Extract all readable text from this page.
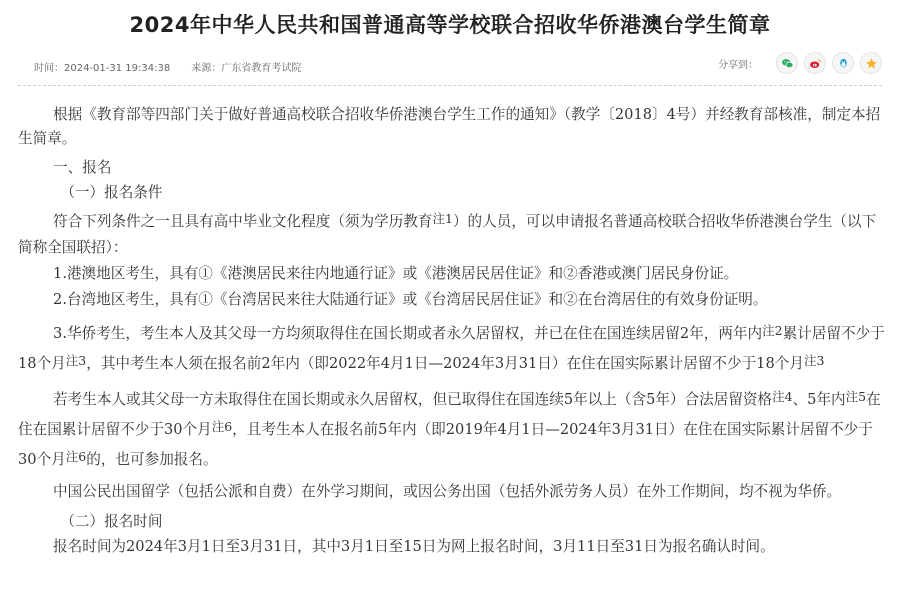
2024年中华人民共和国普通高等学校联合招收华侨港澳台学生简章
时间：2024-01-31 19:34:38 来源：广东省教育考试院	分享到：

根据《教育部等四部门关于做好普通高校联合招收华侨港澳台学生工作的通知》（教学〔2018〕4号）并经教育部核准，制定本招生简章。

一、报名

（一）报名条件

符合下列条件之一且具有高中毕业文化程度（须为学历教育$^{注1}$）的人员，可以申请报名普通高校联合招收华侨港澳台学生（以下简称全国联招）：

1.港澳地区考生，具有①《港澳居民来往内地通行证》或《港澳居民居住证》和②香港或澳门居民身份证。

2.台湾地区考生，具有①《台湾居民来往大陆通行证》或《台湾居民居住证》和②在台湾居住的有效身份证明。

3.华侨考生，考生本人及其父母一方均须取得住在国长期或者永久居留权，并已在住在国连续居留2年，两年内$^{注2}$累计居留不少于18个月$^{注3}$，其中考生本人须在报名前2年内（即2022年4月1日—2024年3月31日）在住在国实际累计居留不少于18个月$^{注3}$

若考生本人或其父母一方未取得住在国长期或永久居留权，但已取得住在国连续5年以上（含5年）合法居留资格$^{注4}$、5年内$^{注5}$在住在国累计居留不少于30个月$^{注6}$，且考生本人在报名前5年内（即2019年4月1日—2024年3月31日）在住在国实际累计居留不少于30个月$^{注6}$的，也可参加报名。

中国公民出国留学（包括公派和自费）在外学习期间，或因公务出国（包括外派劳务人员）在外工作期间，均不视为华侨。

（二）报名时间

报名时间为2024年3月1日至3月31日，其中3月1日至15日为网上报名时间，3月11日至31日为报名确认时间。
